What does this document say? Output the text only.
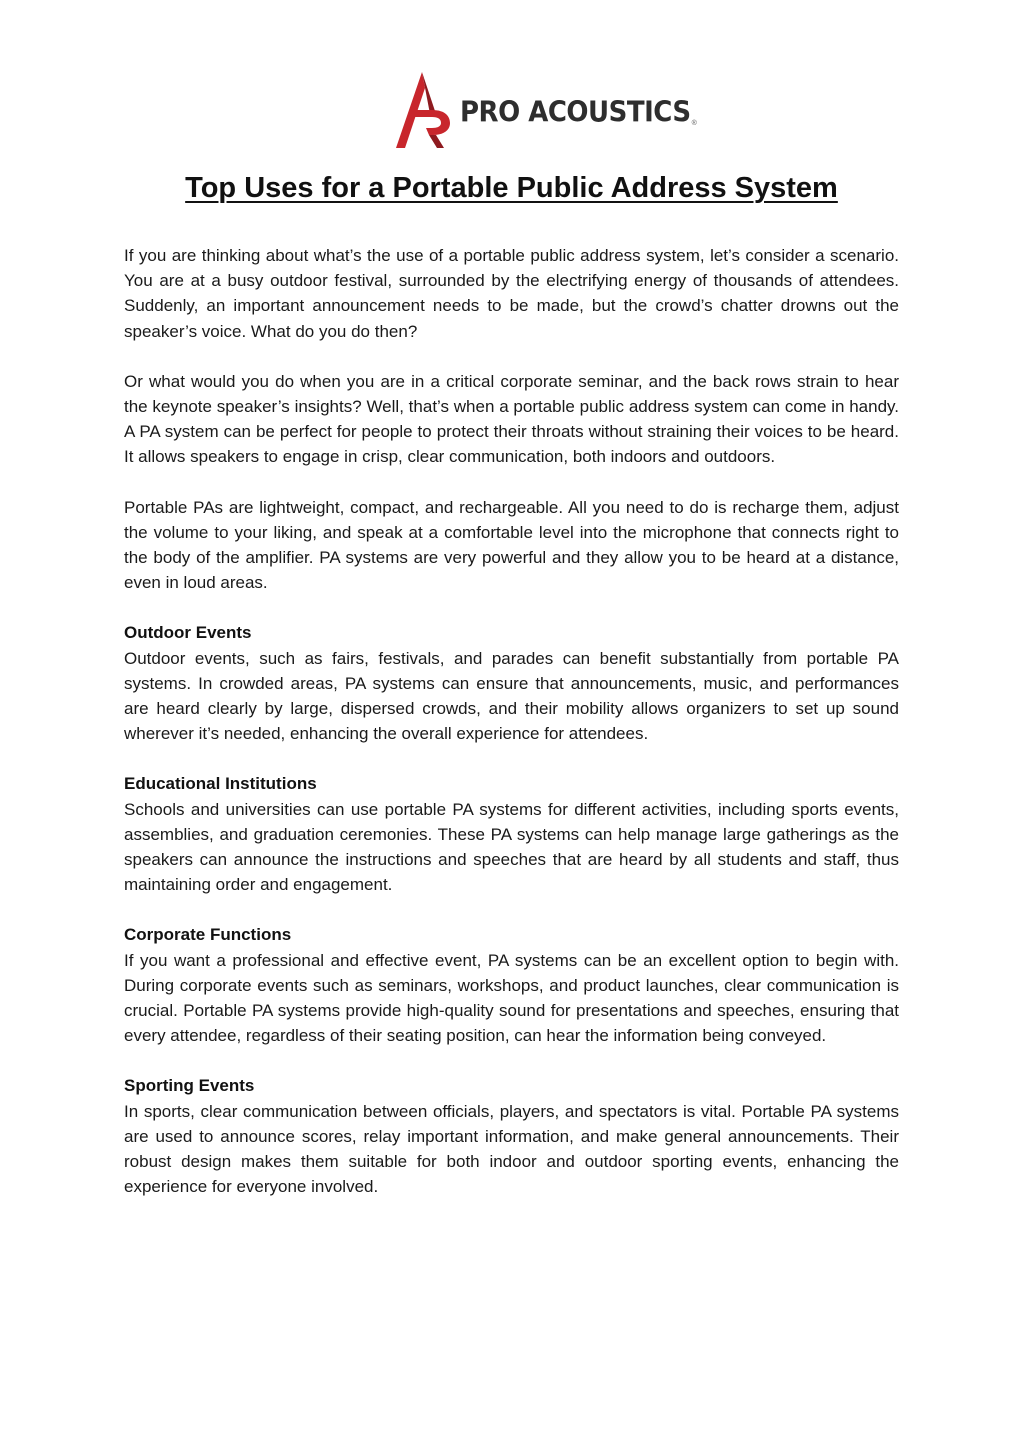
PRO ACOUSTICS ®
Top Uses for a Portable Public Address System

If you are thinking about what’s the use of a portable public address system, let’s consider a scenario. You are at a busy outdoor festival, surrounded by the electrifying energy of thousands of attendees. Suddenly, an important announcement needs to be made, but the crowd’s chatter drowns out the speaker’s voice. What do you do then?

Or what would you do when you are in a critical corporate seminar, and the back rows strain to hear the keynote speaker’s insights? Well, that’s when a portable public address system can come in handy. A PA system can be perfect for people to protect their throats without straining their voices to be heard. It allows speakers to engage in crisp, clear communication, both indoors and outdoors.

Portable PAs are lightweight, compact, and rechargeable. All you need to do is recharge them, adjust the volume to your liking, and speak at a comfortable level into the microphone that connects right to the body of the amplifier. PA systems are very powerful and they allow you to be heard at a distance, even in loud areas.

Outdoor Events

Outdoor events, such as fairs, festivals, and parades can benefit substantially from portable PA systems. In crowded areas, PA systems can ensure that announcements, music, and performances are heard clearly by large, dispersed crowds, and their mobility allows organizers to set up sound wherever it’s needed, enhancing the overall experience for attendees.

Educational Institutions

Schools and universities can use portable PA systems for different activities, including sports events, assemblies, and graduation ceremonies. These PA systems can help manage large gatherings as the speakers can announce the instructions and speeches that are heard by all students and staff, thus maintaining order and engagement.

Corporate Functions

If you want a professional and effective event, PA systems can be an excellent option to begin with. During corporate events such as seminars, workshops, and product launches, clear communication is crucial. Portable PA systems provide high-quality sound for presentations and speeches, ensuring that every attendee, regardless of their seating position, can hear the information being conveyed.

Sporting Events

In sports, clear communication between officials, players, and spectators is vital. Portable PA systems are used to announce scores, relay important information, and make general announcements. Their robust design makes them suitable for both indoor and outdoor sporting events, enhancing the experience for everyone involved.
